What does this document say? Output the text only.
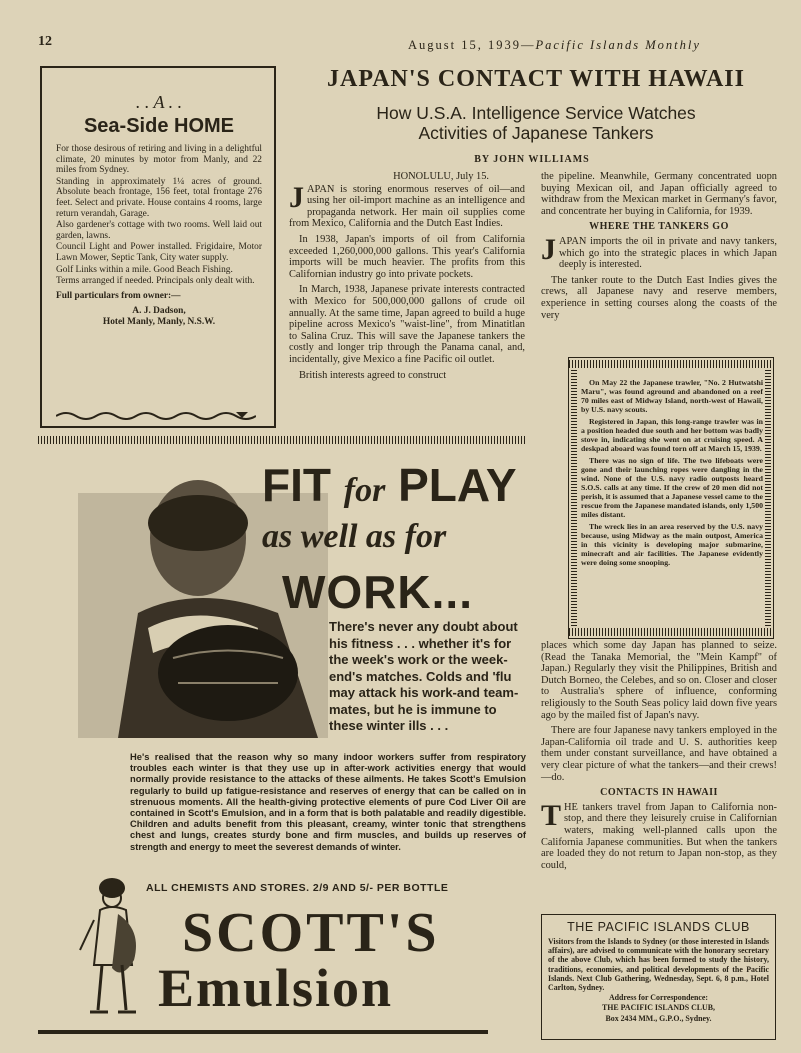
12	August 15, 1939—Pacific Islands Monthly
. . A . .
Sea-Side HOME

For those desirous of retiring and living in a delightful climate, 20 minutes by motor from Manly, and 22 miles from Sydney.

Standing in approximately 1¼ acres of ground. Absolute beach frontage, 156 feet, total frontage 276 feet. Select and private. House contains 4 rooms, large return verandah, Garage.

Also gardener's cottage with two rooms. Well laid out garden, lawns.

Council Light and Power installed. Frigidaire, Motor Lawn Mower, Septic Tank, City water supply.

Golf Links within a mile. Good Beach Fishing.

Terms arranged if needed. Principals only dealt with.

Full particulars from owner:—
A. J. Dadson,
Hotel Manly, Manly, N.S.W.
JAPAN'S CONTACT WITH HAWAII
How U.S.A. Intelligence Service Watches
Activities of Japanese Tankers
BY JOHN WILLIAMS

HONOLULU, July 15.

JAPAN is storing enormous reserves of oil—and using her oil-import machine as an intelligence and propaganda network. Her main oil supplies come from Mexico, California and the Dutch East Indies.

In 1938, Japan's imports of oil from California exceeded 1,260,000,000 gallons. This year's California imports will be much heavier. The profits from this Californian industry go into private pockets.

In March, 1938, Japanese private interests contracted with Mexico for 500,000,000 gallons of crude oil annually. At the same time, Japan agreed to build a huge pipeline across Mexico's "waist-line", from Minatitlan to Salina Cruz. This will save the Japanese tankers the costly and longer trip through the Panama canal, and, incidentally, give Mexico a fine Pacific oil outlet.

British interests agreed to construct

the pipeline. Meanwhile, Germany concentrated uopn buying Mexican oil, and Japan officially agreed to withdraw from the Mexican market in Germany's favor, and concentrate her buying in California, for 1939.

WHERE THE TANKERS GO

JAPAN imports the oil in private and navy tankers, which go into the strategic places in which Japan deeply is interested.

The tanker route to the Dutch East Indies gives the crews, all Japanese navy and reserve members, experience in setting courses along the coasts of the very

On May 22 the Japanese trawler, "No. 2 Hutwatshi Maru", was found aground and abandoned on a reef 70 miles east of Midway Island, north-west of Hawaii, by U.S. navy scouts.

Registered in Japan, this long-range trawler was in a position headed due south and her bottom was badly stove in, indicating she went on at cruising speed. A deskpad aboard was found torn off at March 15, 1939.

There was no sign of life. The two lifeboats were gone and their launching ropes were dangling in the wind. None of the U.S. navy radio outposts heard S.O.S. calls at any time. If the crew of 20 men did not perish, it is assumed that a Japanese vessel came to the rescue from the Japanese mandated islands, only 1,500 miles distant.

The wreck lies in an area reserved by the U.S. navy because, using Midway as the main outpost, America in this vicinity is developing major submarine, minecraft and air facilities. The Japanese evidently were doing some snooping.

places which some day Japan has planned to seize. (Read the Tanaka Memorial, the "Mein Kampf" of Japan.) Regularly they visit the Philippines, British and Dutch Borneo, the Celebes, and so on. Closer and closer to Australia's sphere of influence, conforming religiously to the South Seas policy laid down five years ago by the mailed fist of Japan's navy.

There are four Japanese navy tankers employed in the Japan-California oil trade and U. S. authorities keep them under constant surveillance, and have obtained a very clear picture of what the tankers—and their crews!—do.

CONTACTS IN HAWAII

THE tankers travel from Japan to California non-stop, and there they leisurely cruise in Californian waters, making well-planned calls upon the California Japanese communities. But when the tankers are loaded they do not return to Japan non-stop, as they could,

FIT for PLAY
as well as for
WORK...
There's never any doubt about his fitness . . . whether it's for the week's work or the week-end's matches. Colds and 'flu may attack his work-and team-mates, but he is immune to these winter ills . . .
He's realised that the reason why so many indoor workers suffer from respiratory troubles each winter is that they use up in after-work activities energy that would normally provide resistance to the attacks of these ailments. He takes Scott's Emulsion regularly to build up fatigue-resistance and reserves of energy that can be called on in strenuous moments. All the health-giving protective elements of pure Cod Liver Oil are contained in Scott's Emulsion, and in a form that is both palatable and readily digestible. Children and adults benefit from this pleasant, creamy, winter tonic that strengthens chest and lungs, creates sturdy bone and firm muscles, and builds up reserves of strength and energy to meet the severest demands of winter.
ALL CHEMISTS AND STORES. 2/9 AND 5/- PER BOTTLE
SCOTT'S
Emulsion
THE PACIFIC ISLANDS CLUB
Visitors from the Islands to Sydney (or those interested in Islands affairs), are advised to communicate with the honorary secretary of the above Club, which has been formed to study the history, traditions, economies, and political developments of the Pacific Islands. Next Club Gathering, Wednesday, Sept. 6, 8 p.m., Hotel Carlton, Sydney.
Address for Correspondence:
THE PACIFIC ISLANDS CLUB,
Box 2434 MM., G.P.O., Sydney.
